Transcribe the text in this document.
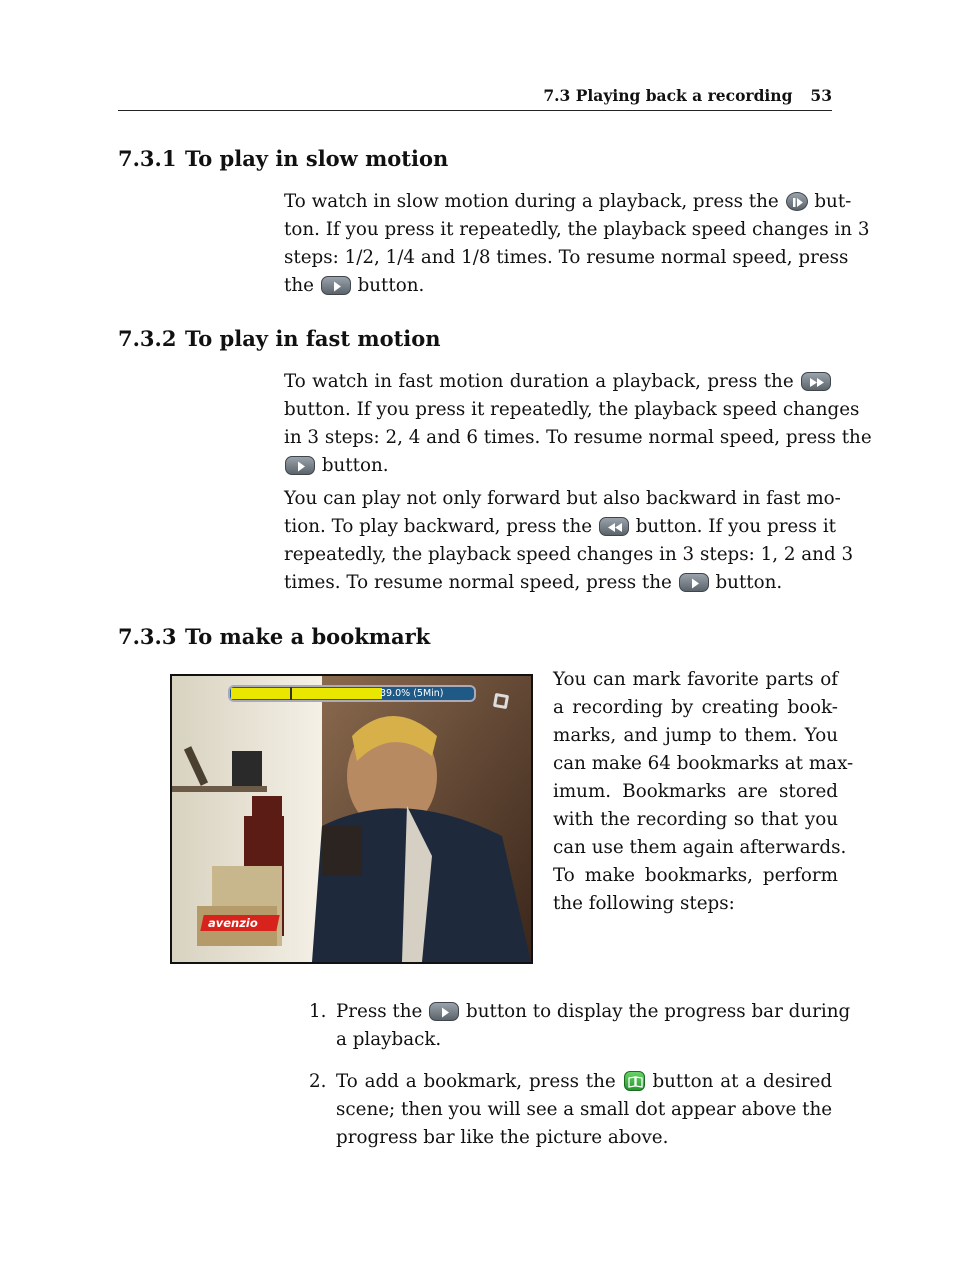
7.3 Playing back a recording 53
7.3.1 To play in slow motion
To watch in slow motion during a playback, press the but-
ton. If you press it repeatedly, the playback speed changes in 3
steps: 1/2, 1/4 and 1/8 times. To resume normal speed, press
the button.
7.3.2 To play in fast motion
To watch in fast motion duration a playback, press the
button. If you press it repeatedly, the playback speed changes
in 3 steps: 2, 4 and 6 times. To resume normal speed, press the
button.
You can play not only forward but also backward in fast mo-
tion. To play backward, press the button. If you press it
repeatedly, the playback speed changes in 3 steps: 1, 2 and 3
times. To resume normal speed, press the button.
7.3.3 To make a bookmark
39.0% (5Min)
avenzio
You can mark favorite parts of
a recording by creating book-
marks, and jump to them. You
can make 64 bookmarks at max-
imum. Bookmarks are stored
with the recording so that you
can use them again afterwards.
To make bookmarks, perform
the following steps:
1. Press the button to display the progress bar during
a playback.
2. To add a bookmark, press the button at a desired
scene; then you will see a small dot appear above the
progress bar like the picture above.
